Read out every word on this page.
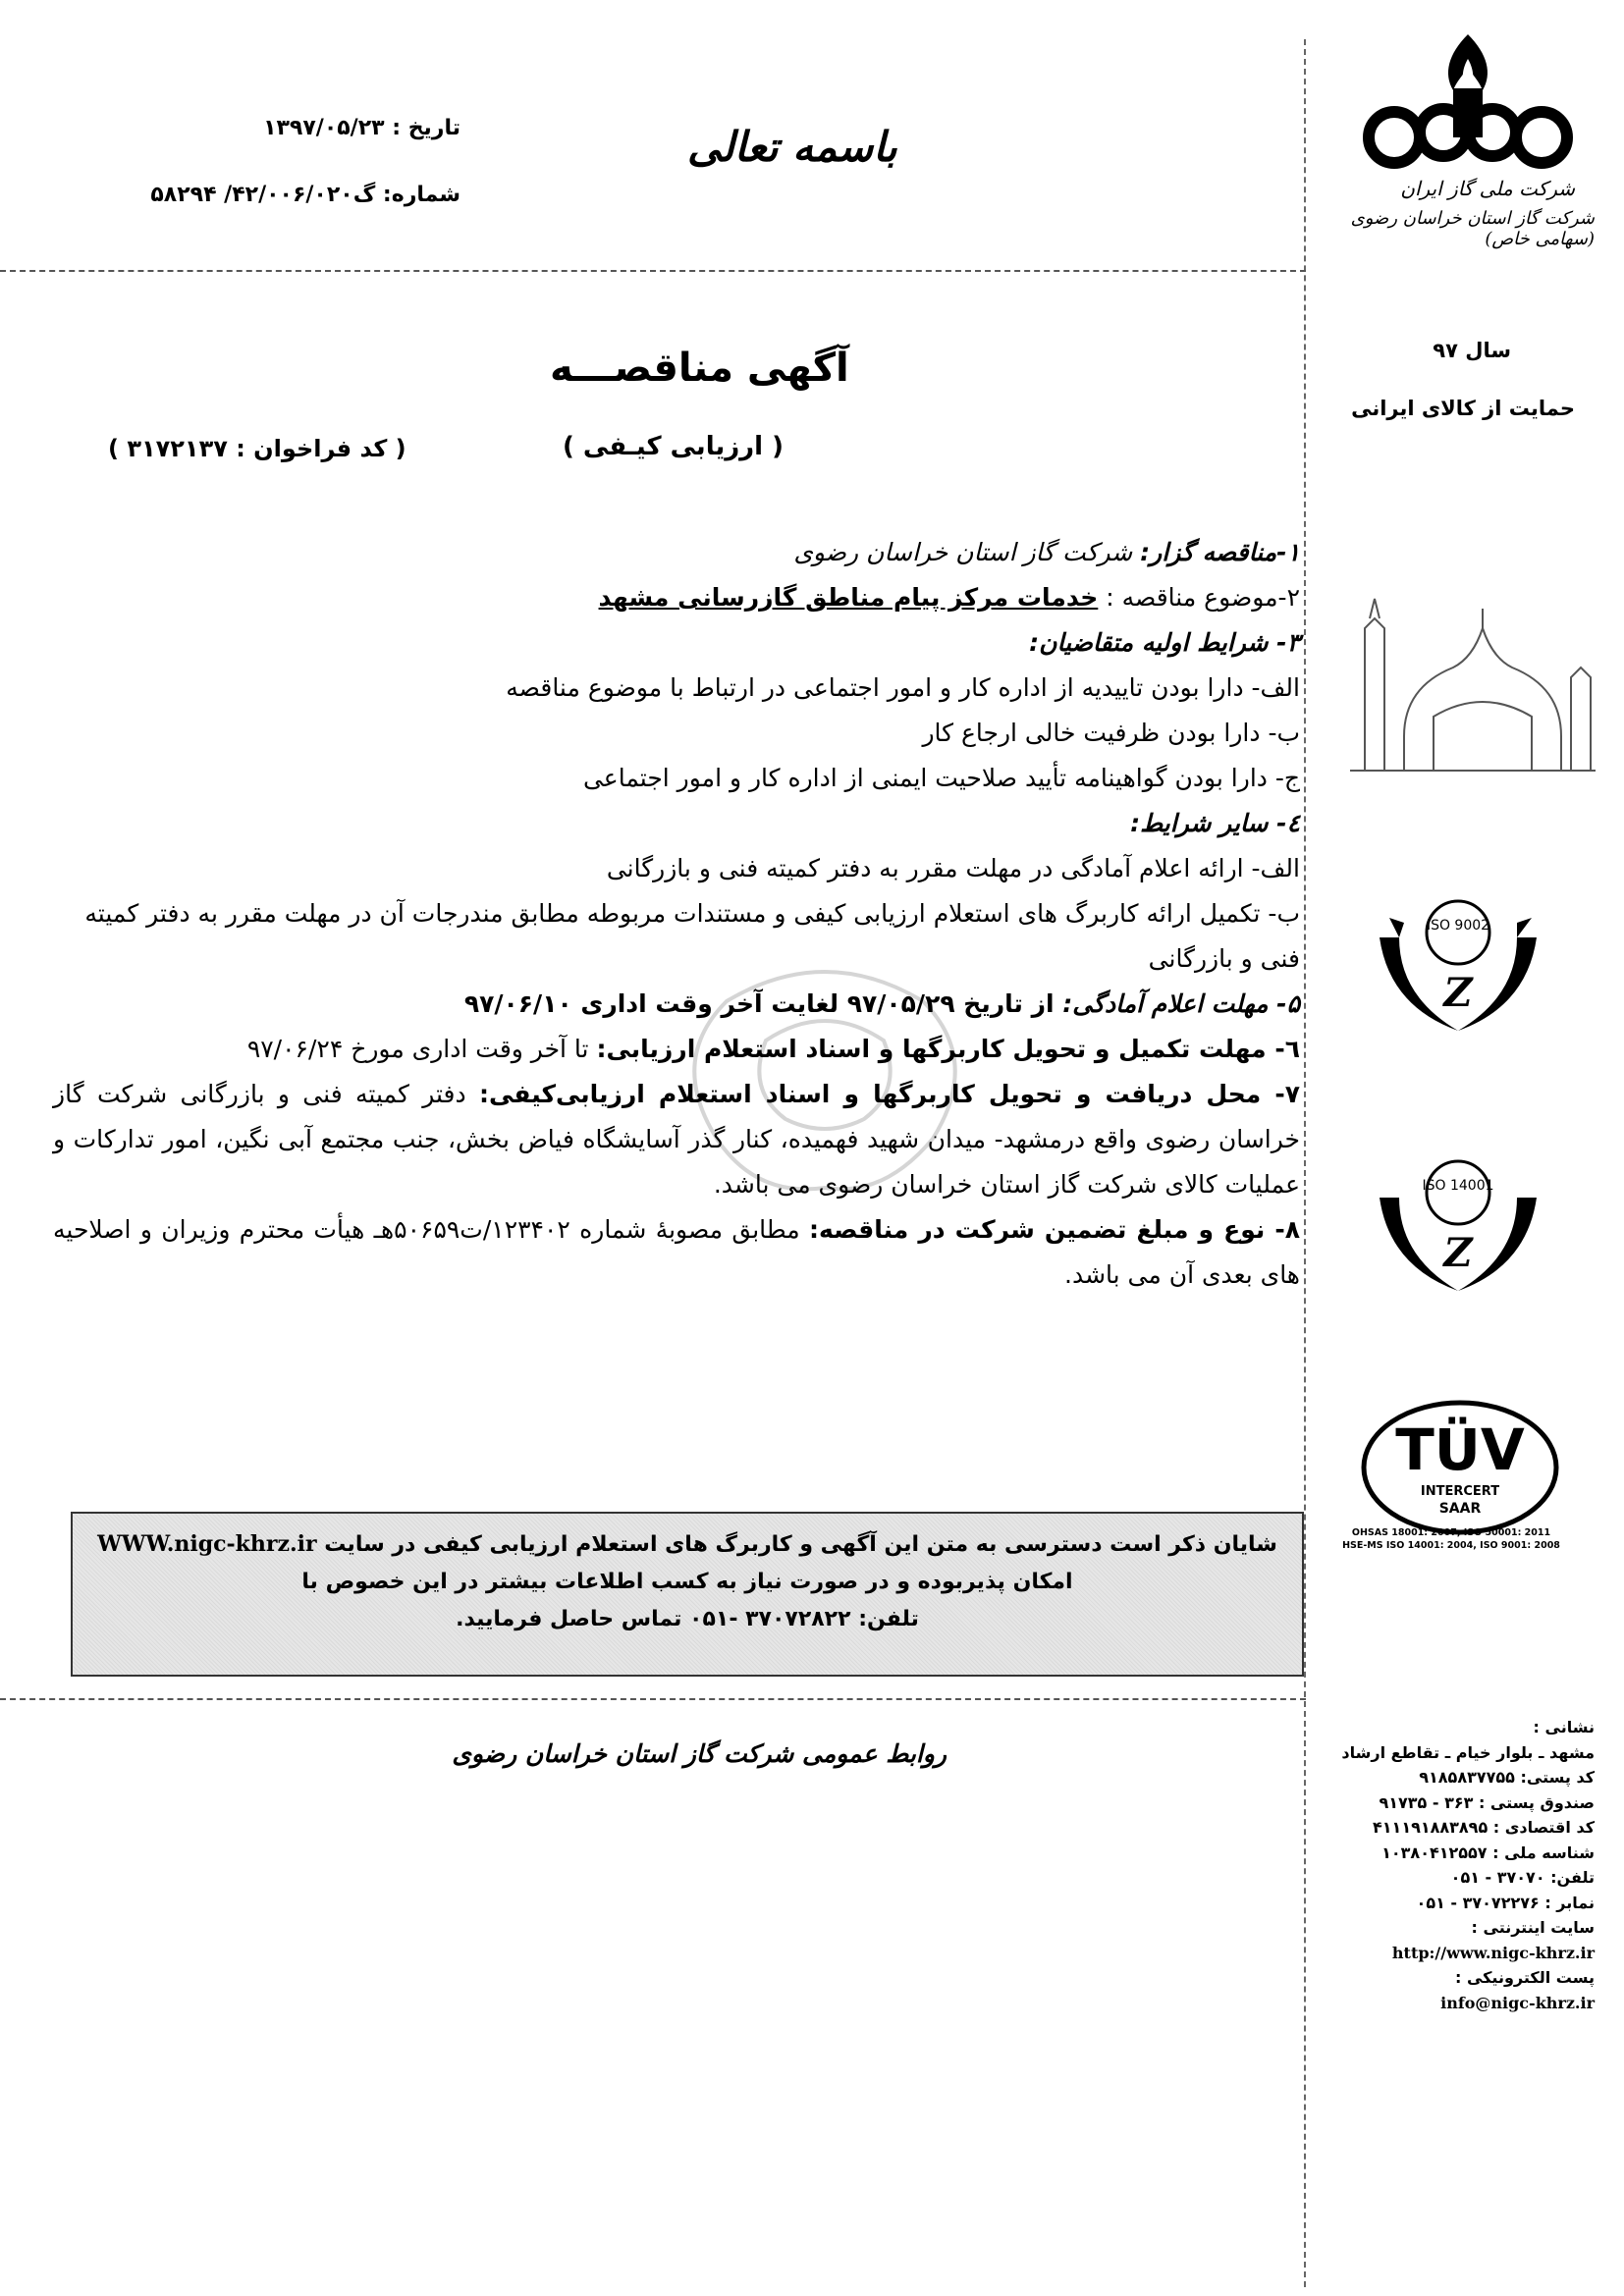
شرکت ملی گاز ایران
شرکت گاز استان خراسان رضوی (سهامی خاص)
سال ۹۷
حمایت از کالای ایرانی
ISO 9002
Z
ISO 14001
Z
TÜV
INTERCERT
SAAR
OHSAS 18001: 2007, ISO 50001: 2011
HSE-MS ISO 14001: 2004, ISO 9001: 2008
نشانی :
مشهد ـ بلوار خیام ـ تقاطع ارشاد
کد پستی: ۹۱۸۵۸۳۷۷۵۵
صندوق پستی : ۳۶۳ - ۹۱۷۳۵
کد اقتصادی : ۴۱۱۱۹۱۸۸۳۸۹۵
شناسه ملی : ۱۰۳۸۰۴۱۲۵۵۷
تلفن: ۳۷۰۷۰ - ۰۵۱
نمابر : ۳۷۰۷۲۲۷۶ - ۰۵۱
سایت اینترنتی :
http://www.nigc-khrz.ir
پست الکترونیکی :
info@nigc-khrz.ir
باسمه تعالی
تاریخ : ۱۳۹۷/۰۵/۲۳
شماره: گ۴۲/۰۰۶/۰۲۰/ ۵۸۲۹۴
آگهی مناقصـــه
( ارزیابی کیـفی )
( کد فراخوان : ۳۱۷۲۱۳۷ )

۱-مناقصه گزار: شرکت گاز استان خراسان رضوی

۲-موضوع مناقصه : خدمات مرکز پیام مناطق گازرسانی مشهد

۳- شرایط اولیه متقاضیان:

الف- دارا بودن تاییدیه از اداره کار و امور اجتماعی در ارتباط با موضوع مناقصه

ب- دارا بودن ظرفیت خالی ارجاع کار

ج- دارا بودن گواهینامه تأیید صلاحیت ایمنی از اداره کار و امور اجتماعی

٤- سایر شرایط:

الف- ارائه اعلام آمادگی در مهلت مقرر به دفتر کمیته فنی و بازرگانی

ب- تکمیل ارائه کاربرگ های استعلام ارزیابی کیفی و مستندات مربوطه مطابق مندرجات آن در مهلت مقرر به دفتر کمیته فنی و بازرگانی

۵- مهلت اعلام آمادگی: از تاریخ ۹۷/۰۵/۲۹ لغایت آخر وقت اداری ۹۷/۰۶/۱۰

٦- مهلت تکمیل و تحویل کاربرگها و اسناد استعلام ارزیابی: تا آخر وقت اداری مورخ ۹۷/۰۶/۲۴

۷- محل دریافت و تحویل کاربرگها و اسناد استعلام ارزیابی‌کیفی: دفتر کمیته فنی و بازرگانی شرکت گاز خراسان رضوی واقع درمشهد- میدان شهید فهمیده، کنار گذر آسایشگاه فیاض بخش، جنب مجتمع آبی نگین، امور تدارکات و عملیات کالای شرکت گاز استان خراسان رضوی می باشد.

۸- نوع و مبلغ تضمین شرکت در مناقصه: مطابق مصوبهٔ شماره ۱۲۳۴۰۲/ت۵۰۶۵۹هـ هیأت محترم وزیران و اصلاحیه های بعدی آن می باشد.

شایان ذکر است دسترسی به متن این آگهی و کاربرگ های استعلام ارزیابی کیفی در سایت WWW.nigc-khrz.ir
امکان پذیربوده و در صورت نیاز به کسب اطلاعات بیشتر در این خصوص با
تلفن: ۳۷۰۷۲۸۲۲ -۰۵۱ تماس حاصل فرمایید.
روابط عمومی شرکت گاز استان خراسان رضوی
